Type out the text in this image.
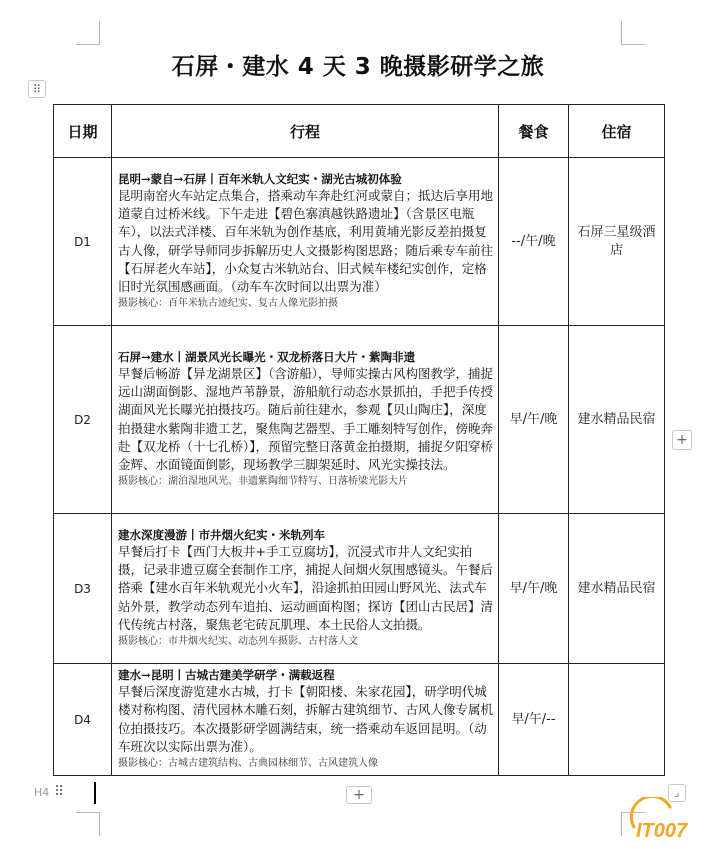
石屏・建水 4 天 3 晚摄影研学之旅
⠿
日期	行程	餐食	住宿
D1	昆明→蒙自→石屏丨百年米轨人文纪实・湖光古城初体验
昆明南窑火车站定点集合，搭乘动车奔赴红河或蒙自；抵达后享用地道蒙自过桥米线。下午走进【碧色寨滇越铁路遗址】（含景区电瓶车），以法式洋楼、百年米轨为创作基底，利用黄埔光影反差拍摄复古人像，研学导师同步拆解历史人文摄影构图思路；随后乘专车前往【石屏老火车站】，小众复古米轨站台、旧式候车楼纪实创作，定格旧时光氛围感画面。（动车车次时间以出票为准）
摄影核心：百年米轨古迹纪实、复古人像光影拍摄	--/午/晚	石屏三星级酒店
D2	石屏→建水丨湖景风光长曝光・双龙桥落日大片・紫陶非遗
早餐后畅游【异龙湖景区】（含游船），导师实操古风构图教学，捕捉远山湖面倒影、湿地芦苇静景，游船航行动态水景抓拍，手把手传授湖面风光长曝光拍摄技巧。随后前往建水，参观【贝山陶庄】，深度拍摄建水紫陶非遗工艺，聚焦陶艺器型、手工雕刻特写创作，傍晚奔赴【双龙桥（十七孔桥）】，预留完整日落黄金拍摄期，捕捉夕阳穿桥金辉、水面镜面倒影，现场教学三脚架延时、风光实操技法。
摄影核心：湖泊湿地风光、非遗紫陶细节特写、日落桥梁光影大片	早/午/晚	建水精品民宿
D3	建水深度漫游丨市井烟火纪实・米轨列车
早餐后打卡【西门大板井+手工豆腐坊】，沉浸式市井人文纪实拍摄，记录非遗豆腐全套制作工序，捕捉人间烟火氛围感镜头。午餐后搭乘【建水百年米轨观光小火车】，沿途抓拍田园山野风光、法式车站外景，教学动态列车追拍、运动画面构图；探访【团山古民居】清代传统古村落，聚焦老宅砖瓦肌理、本土民俗人文拍摄。
摄影核心：市井烟火纪实、动态列车摄影、古村落人文	早/午/晚	建水精品民宿
D4	建水→昆明丨古城古建美学研学・满载返程
早餐后深度游览建水古城，打卡【朝阳楼、朱家花园】，研学明代城楼对称构图、清代园林木雕石刻，拆解古建筑细节、古风人像专属机位拍摄技巧。本次摄影研学圆满结束，统一搭乘动车返回昆明。（动车班次以实际出票为准）。
摄影核心：古城古建筑结构、古典园林细节、古风建筑人像	早/午/--	
+
H4 ⠿	+	⌟
IT007
